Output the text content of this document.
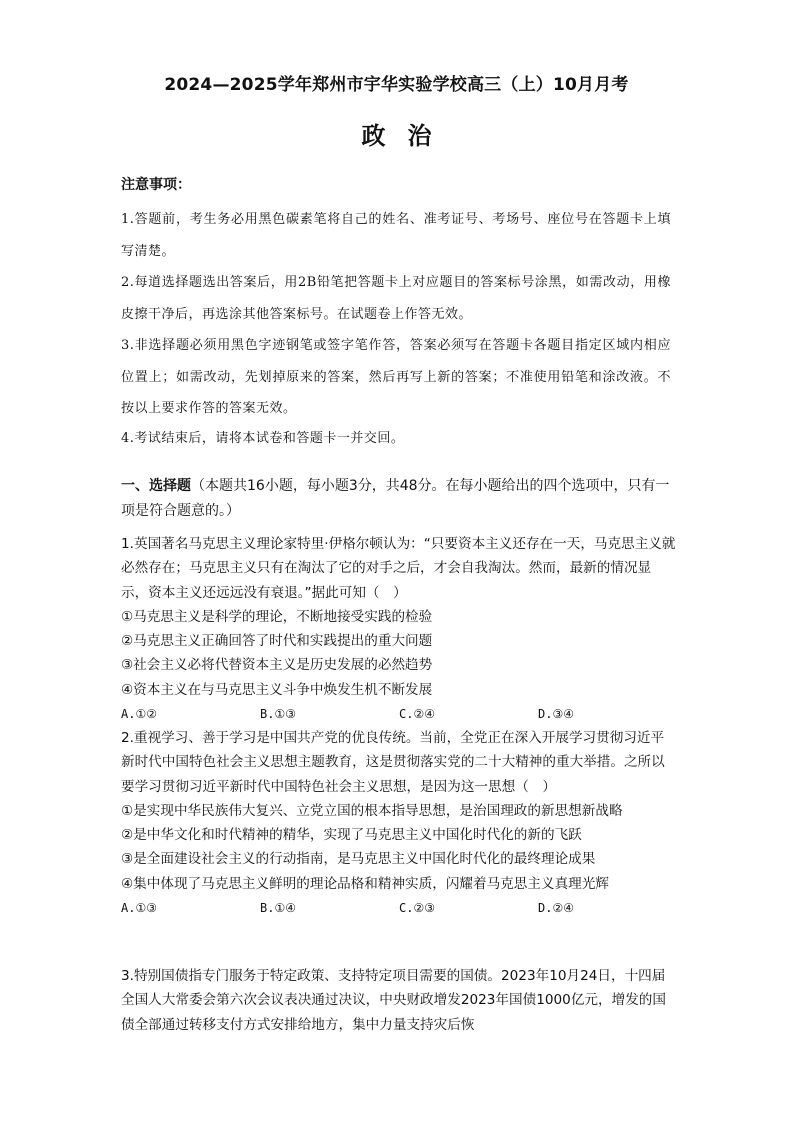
2024—2025学年郑州市宇华实验学校高三（上）10月月考
政治
注意事项：
1.答题前，考生务必用黑色碳素笔将自己的姓名、准考证号、考场号、座位号在答题卡上填写清楚。
2.每道选择题选出答案后，用2B铅笔把答题卡上对应题目的答案标号涂黑，如需改动，用橡皮擦干净后，再选涂其他答案标号。在试题卷上作答无效。
3.非选择题必须用黑色字迹钢笔或签字笔作答，答案必须写在答题卡各题目指定区域内相应位置上；如需改动，先划掉原来的答案，然后再写上新的答案；不准使用铅笔和涂改液。不按以上要求作答的答案无效。
4.考试结束后，请将本试卷和答题卡一并交回。
一、选择题（本题共16小题，每小题3分，共48分。在每小题给出的四个选项中，只有一项是符合题意的。）

1.英国著名马克思主义理论家特里·伊格尔顿认为：“只要资本主义还存在一天，马克思主义就必然存在；马克思主义只有在淘汰了它的对手之后，才会自我淘汰。然而，最新的情况显示，资本主义还远远没有衰退。”据此可知（　）

①马克思主义是科学的理论，不断地接受实践的检验

②马克思主义正确回答了时代和实践提出的重大问题

③社会主义必将代替资本主义是历史发展的必然趋势

④资本主义在与马克思主义斗争中焕发生机不断发展

A.①②	B.①③	C.②④	D.③④

2.重视学习、善于学习是中国共产党的优良传统。当前，全党正在深入开展学习贯彻习近平新时代中国特色社会主义思想主题教育，这是贯彻落实党的二十大精神的重大举措。之所以要学习贯彻习近平新时代中国特色社会主义思想，是因为这一思想（　）

①是实现中华民族伟大复兴、立党立国的根本指导思想，是治国理政的新思想新战略

②是中华文化和时代精神的精华，实现了马克思主义中国化时代化的新的飞跃

③是全面建设社会主义的行动指南，是马克思主义中国化时代化的最终理论成果

④集中体现了马克思主义鲜明的理论品格和精神实质，闪耀着马克思主义真理光辉

A.①③	B.①④	C.②③	D.②④

3.特别国债指专门服务于特定政策、支持特定项目需要的国债。2023年10月24日，十四届全国人大常委会第六次会议表决通过决议，中央财政增发2023年国债1000亿元，增发的国债全部通过转移支付方式安排给地方，集中力量支持灾后恢
